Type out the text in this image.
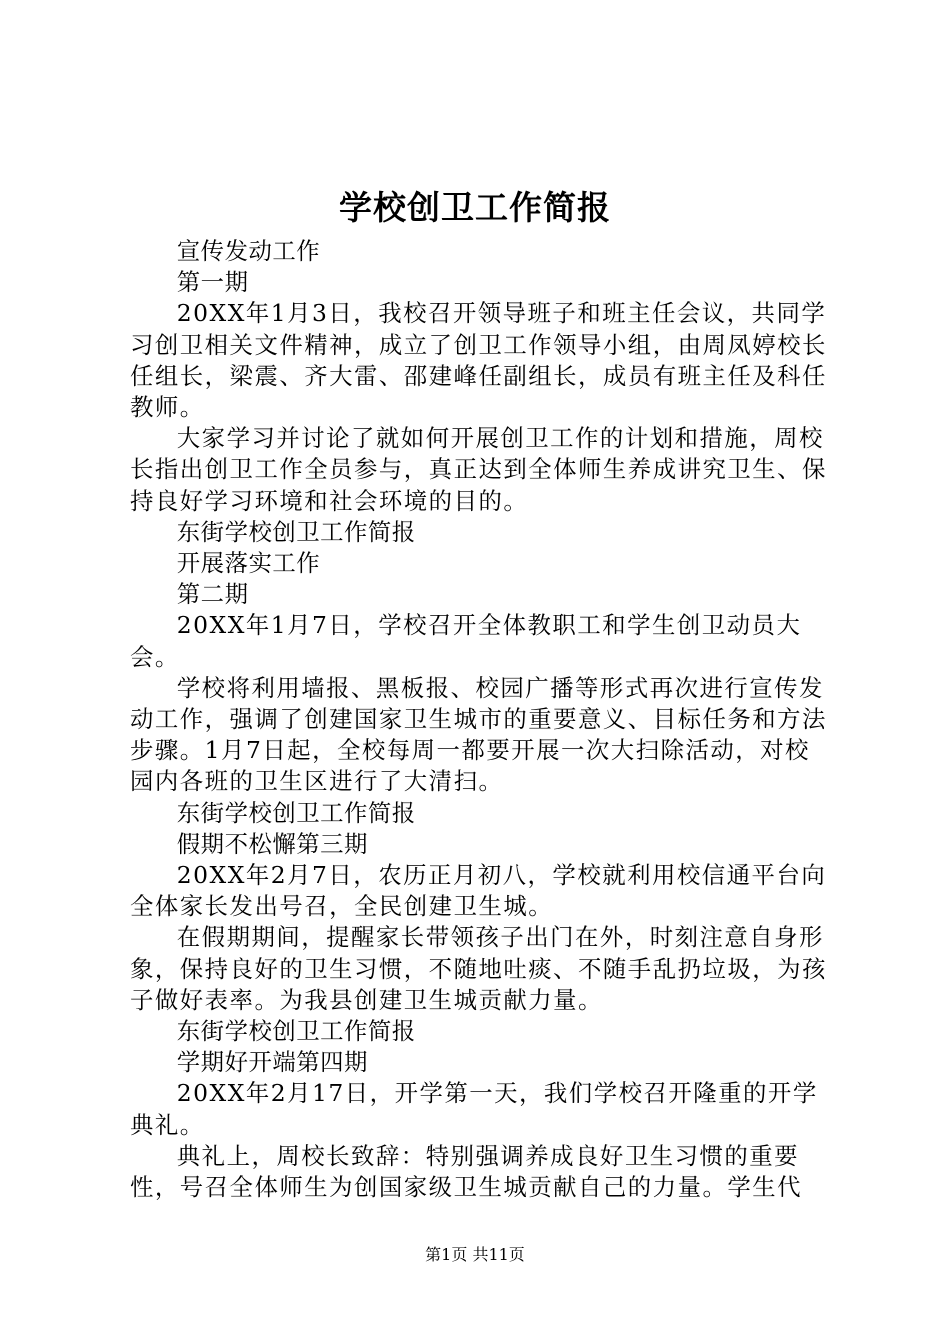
学校创卫工作简报

宣传发动工作

第一期

20XX年1月3日，我校召开领导班子和班主任会议，共同学习创卫相关文件精神，成立了创卫工作领导小组，由周凤婷校长任组长，梁震、齐大雷、邵建峰任副组长，成员有班主任及科任教师。

大家学习并讨论了就如何开展创卫工作的计划和措施，周校长指出创卫工作全员参与，真正达到全体师生养成讲究卫生、保持良好学习环境和社会环境的目的。

东街学校创卫工作简报

开展落实工作

第二期

20XX年1月7日，学校召开全体教职工和学生创卫动员大会。

学校将利用墙报、黑板报、校园广播等形式再次进行宣传发动工作，强调了创建国家卫生城市的重要意义、目标任务和方法步骤。1月7日起，全校每周一都要开展一次大扫除活动，对校园内各班的卫生区进行了大清扫。

东街学校创卫工作简报

假期不松懈第三期

20XX年2月7日，农历正月初八，学校就利用校信通平台向全体家长发出号召，全民创建卫生城。

在假期期间，提醒家长带领孩子出门在外，时刻注意自身形象，保持良好的卫生习惯，不随地吐痰、不随手乱扔垃圾，为孩子做好表率。为我县创建卫生城贡献力量。

东街学校创卫工作简报

学期好开端第四期

20XX年2月17日，开学第一天，我们学校召开隆重的开学典礼。

典礼上，周校长致辞：特别强调养成良好卫生习惯的重要性，号召全体师生为创国家级卫生城贡献自己的力量。学生代

第1页 共11页
